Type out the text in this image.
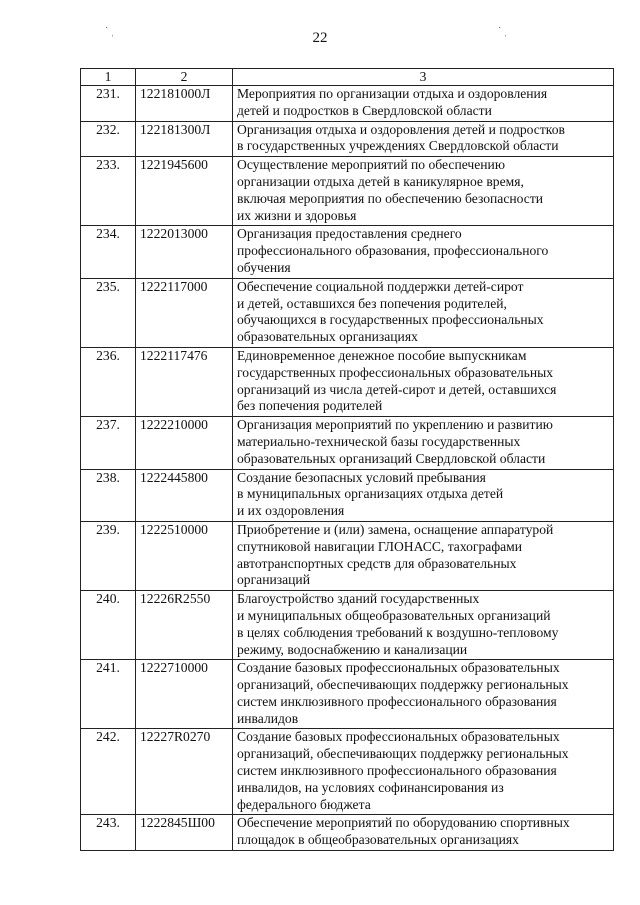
˙ ˌ	˙ ˌ
22
1	2	3
231.	122181000Л	Мероприятия по организации отдыха и оздоровления
детей и подростков в Свердловской области
232.	122181300Л	Организация отдыха и оздоровления детей и подростков
в государственных учреждениях Свердловской области
233.	1221945600	Осуществление мероприятий по обеспечению
организации отдыха детей в каникулярное время,
включая мероприятия по обеспечению безопасности
их жизни и здоровья
234.	1222013000	Организация предоставления среднего
профессионального образования, профессионального
обучения
235.	1222117000	Обеспечение социальной поддержки детей-сирот
и детей, оставшихся без попечения родителей,
обучающихся в государственных профессиональных
образовательных организациях
236.	1222117476	Единовременное денежное пособие выпускникам
государственных профессиональных образовательных
организаций из числа детей-сирот и детей, оставшихся
без попечения родителей
237.	1222210000	Организация мероприятий по укреплению и развитию
материально-технической базы государственных
образовательных организаций Свердловской области
238.	1222445800	Создание безопасных условий пребывания
в муниципальных организациях отдыха детей
и их оздоровления
239.	1222510000	Приобретение и (или) замена, оснащение аппаратурой
спутниковой навигации ГЛОНАСС, тахографами
автотранспортных средств для образовательных
организаций
240.	12226R2550	Благоустройство зданий государственных
и муниципальных общеобразовательных организаций
в целях соблюдения требований к воздушно-тепловому
режиму, водоснабжению и канализации
241.	1222710000	Создание базовых профессиональных образовательных
организаций, обеспечивающих поддержку региональных
систем инклюзивного профессионального образования
инвалидов
242.	12227R0270	Создание базовых профессиональных образовательных
организаций, обеспечивающих поддержку региональных
систем инклюзивного профессионального образования
инвалидов, на условиях софинансирования из
федерального бюджета
243.	1222845Ш00	Обеспечение мероприятий по оборудованию спортивных
площадок в общеобразовательных организациях
